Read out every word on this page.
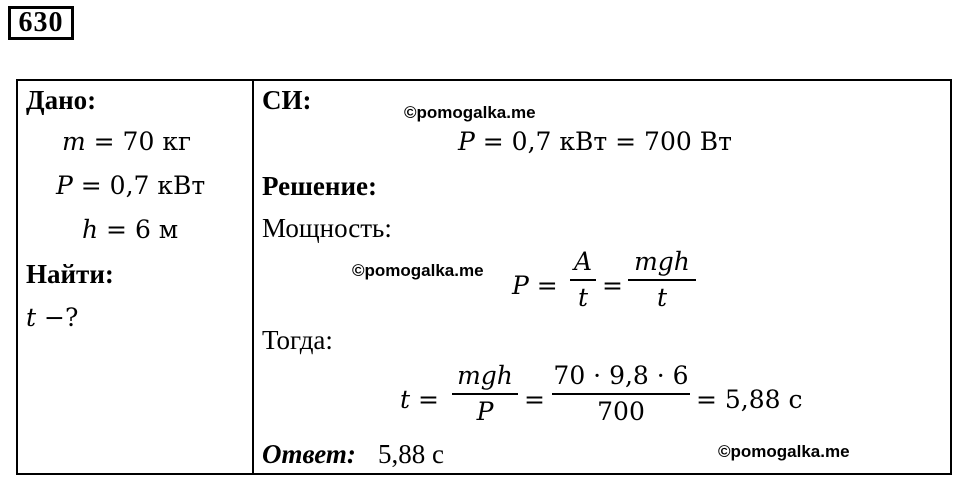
630
Дано:
m = 70 кг
P = 0,7 кВт
h = 6 м
Найти:
t −?
СИ:	©pomogalka.me
P = 0,7 кВт = 700 Вт
Решение:
Мощность:
©pomogalka.me
P =
A
t =
mgh
t
Тогда:
t =
mgh
P	=
70 · 9,8 · 6
700	= 5,88 с
Ответ: 5,88 с	©pomogalka.me
